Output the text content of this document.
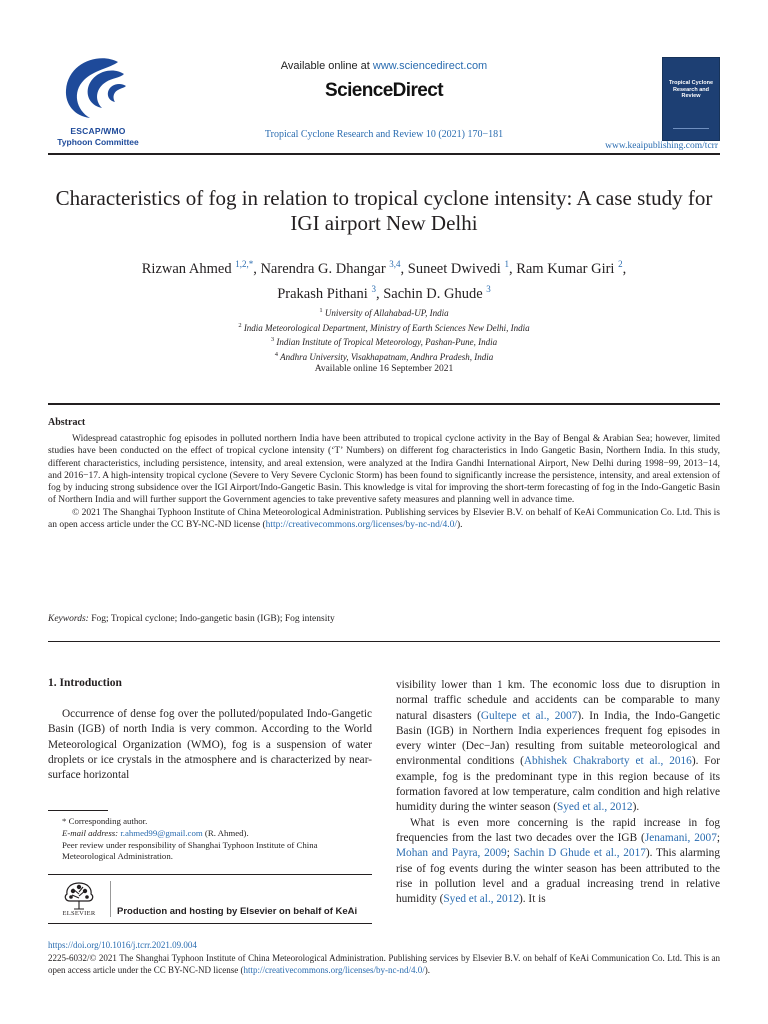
ESCAP/WMO
Typhoon Committee
Available online at www.sciencedirect.com
ScienceDirect
Tropical Cyclone Research and Review 10 (2021) 170−181
Tropical Cyclone Research and Review
www.keaipublishing.com/tcrr
Characteristics of fog in relation to tropical cyclone intensity: A case study for IGI airport New Delhi
Rizwan Ahmed $^{1,2,*}$, Narendra G. Dhangar $^{3,4}$, Suneet Dwivedi $^1$, Ram Kumar Giri $^2$,
Prakash Pithani $^3$, Sachin D. Ghude $^3$
$^1$ University of Allahabad-UP, India
$^2$ India Meteorological Department, Ministry of Earth Sciences New Delhi, India
$^3$ Indian Institute of Tropical Meteorology, Pashan-Pune, India
$^4$ Andhra University, Visakhapatnam, Andhra Pradesh, India
Available online 16 September 2021
Abstract

Widespread catastrophic fog episodes in polluted northern India have been attributed to tropical cyclone activity in the Bay of Bengal & Arabian Sea; however, limited studies have been conducted on the effect of tropical cyclone intensity (‘T’ Numbers) on different fog characteristics in Indo Gangetic Basin, Northern India. In this study, different characteristics, including persistence, intensity, and areal extension, were analyzed at the Indira Gandhi International Airport, New Delhi during 1998−99, 2013−14, and 2016−17. A high-intensity tropical cyclone (Severe to Very Severe Cyclonic Storm) has been found to significantly increase the persistence, intensity, and areal extension of fog by inducing strong subsidence over the IGI Airport/Indo-Gangetic Basin. This knowledge is vital for improving the short-term forecasting of fog in the Indo-Gangetic Basin of Northern India and will further support the Government agencies to take preventive safety measures and planning well in advance time.

© 2021 The Shanghai Typhoon Institute of China Meteorological Administration. Publishing services by Elsevier B.V. on behalf of KeAi Communication Co. Ltd. This is an open access article under the CC BY-NC-ND license (http://creativecommons.org/licenses/by-nc-nd/4.0/).

Keywords: Fog; Tropical cyclone; Indo-gangetic basin (IGB); Fog intensity
1. Introduction

Occurrence of dense fog over the polluted/populated Indo-Gangetic Basin (IGB) of north India is very common. According to the World Meteorological Organization (WMO), fog is a suspension of water droplets or ice crystals in the atmosphere and is characterized by near-surface horizontal

visibility lower than 1 km. The economic loss due to disruption in normal traffic schedule and accidents can be comparable to many natural disasters (Gultepe et al., 2007). In India, the Indo-Gangetic Basin (IGB) in Northern India experiences frequent fog episodes in every winter (Dec−Jan) resulting from suitable meteorological and environmental conditions (Abhishek Chakraborty et al., 2016). For example, fog is the predominant type in this region because of its formation favored at low temperature, calm condition and high relative humidity during the winter season (Syed et al., 2012).

What is even more concerning is the rapid increase in fog frequencies from the last two decades over the IGB (Jenamani, 2007; Mohan and Payra, 2009; Sachin D Ghude et al., 2017). This alarming rise of fog events during the winter season has been attributed to the rise in pollution level and a gradual increasing trend in relative humidity (Syed et al., 2012). It is

* Corresponding author.
E-mail address: r.ahmed99@gmail.com (R. Ahmed).
Peer review under responsibility of Shanghai Typhoon Institute of China Meteorological Administration.
ELSEVIER	Production and hosting by Elsevier on behalf of KeAi
https://doi.org/10.1016/j.tcrr.2021.09.004
2225-6032/© 2021 The Shanghai Typhoon Institute of China Meteorological Administration. Publishing services by Elsevier B.V. on behalf of KeAi Communication Co. Ltd. This is an open access article under the CC BY-NC-ND license (http://creativecommons.org/licenses/by-nc-nd/4.0/).
